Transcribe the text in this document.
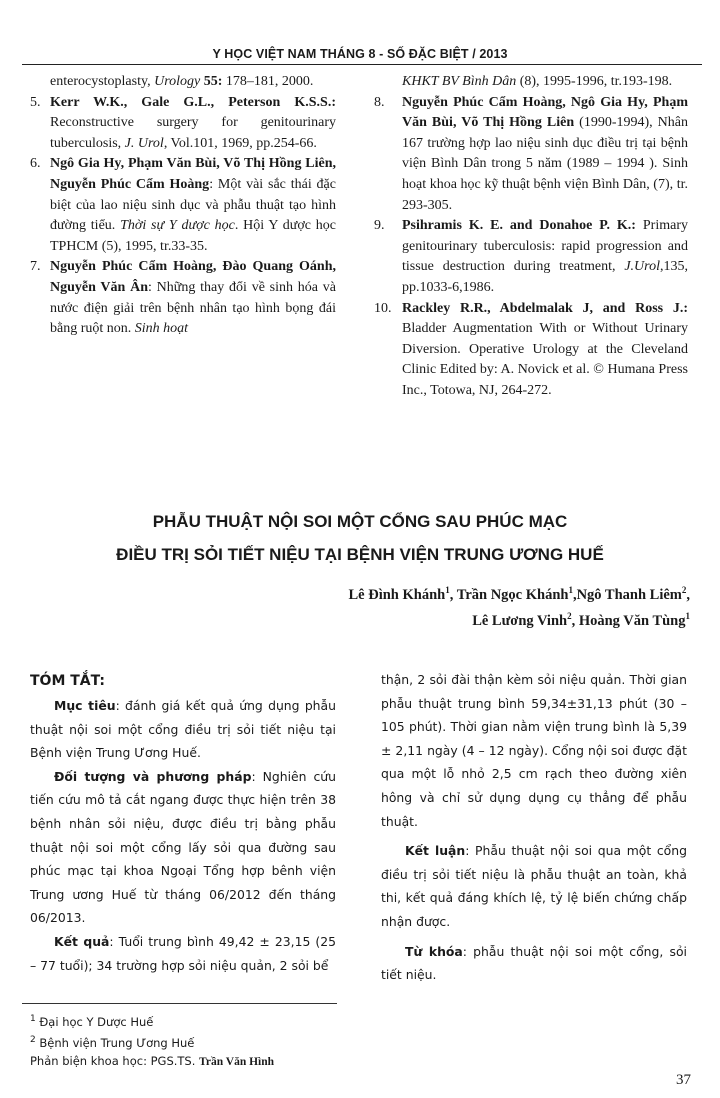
Y HỌC VIỆT NAM THÁNG 8 - SỐ ĐẶC BIỆT / 2013

enterocystoplasty, Urology 55: 178–181, 2000.

5. Kerr W.K., Gale G.L., Peterson K.S.S.: Reconstructive surgery for genitourinary tuberculosis, J. Urol, Vol.101, 1969, pp.254-66.

6. Ngô Gia Hy, Phạm Văn Bùi, Võ Thị Hồng Liên, Nguyễn Phúc Cẩm Hoàng: Một vài sắc thái đặc biệt của lao niệu sinh dục và phẫu thuật tạo hình đường tiểu. Thời sự Y dược học. Hội Y dược học TPHCM (5), 1995, tr.33-35.

7. Nguyễn Phúc Cẩm Hoàng, Đào Quang Oánh, Nguyễn Văn Ân: Những thay đổi về sinh hóa và nước điện giải trên bệnh nhân tạo hình bọng đái bằng ruột non. Sinh hoạt

KHKT BV Bình Dân (8), 1995-1996, tr.193-198.

8. Nguyễn Phúc Cẩm Hoàng, Ngô Gia Hy, Phạm Văn Bùi, Võ Thị Hồng Liên (1990-1994), Nhân 167 trường hợp lao niệu sinh dục điều trị tại bệnh viện Bình Dân trong 5 năm (1989 – 1994 ). Sinh hoạt khoa học kỹ thuật bệnh viện Bình Dân, (7), tr. 293-305.

9. Psihramis K. E. and Donahoe P. K.: Primary genitourinary tuberculosis: rapid progression and tissue destruction during treatment, J.Urol,135, pp.1033-6,1986.

10. Rackley R.R., Abdelmalak J, and Ross J.: Bladder Augmentation With or Without Urinary Diversion. Operative Urology at the Cleveland Clinic Edited by: A. Novick et al. © Humana Press Inc., Totowa, NJ, 264-272.

PHẪU THUẬT NỘI SOI MỘT CỔNG SAU PHÚC MẠC
ĐIỀU TRỊ SỎI TIẾT NIỆU TẠI BỆNH VIỆN TRUNG ƯƠNG HUẾ
Lê Đình Khánh$^1$, Trần Ngọc Khánh$^1$,Ngô Thanh Liêm$^2$,
Lê Lương Vinh$^2$, Hoàng Văn Tùng$^1$

TÓM TẮT:

Mục tiêu: đánh giá kết quả ứng dụng phẫu thuật nội soi một cổng điều trị sỏi tiết niệu tại Bệnh viện Trung Ương Huế.

Đối tượng và phương pháp: Nghiên cứu tiến cứu mô tả cắt ngang được thực hiện trên 38 bệnh nhân sỏi niệu, được điều trị bằng phẫu thuật nội soi một cổng lấy sỏi qua đường sau phúc mạc tại khoa Ngoại Tổng hợp bênh viện Trung ương Huế từ tháng 06/2012 đến tháng 06/2013.

Kết quả: Tuổi trung bình 49,42 ± 23,15 (25 – 77 tuổi); 34 trường hợp sỏi niệu quản, 2 sỏi bể

thận, 2 sỏi đài thận kèm sỏi niệu quản. Thời gian phẫu thuật trung bình 59,34±31,13 phút (30 – 105 phút). Thời gian nằm viện trung bình là 5,39 ± 2,11 ngày (4 – 12 ngày). Cổng nội soi được đặt qua một lỗ nhỏ 2,5 cm rạch theo đường xiên hông và chỉ sử dụng dụng cụ thẳng để phẫu thuật.

Kết luận: Phẫu thuật nội soi qua một cổng điều trị sỏi tiết niệu là phẫu thuật an toàn, khả thi, kết quả đáng khích lệ, tỷ lệ biến chứng chấp nhận được.

Từ khóa: phẫu thuật nội soi một cổng, sỏi tiết niệu.

$^1$ Đại học Y Dược Huế

$^2$ Bệnh viện Trung Ương Huế

Phản biện khoa học: PGS.TS. Trần Văn Hình

37
